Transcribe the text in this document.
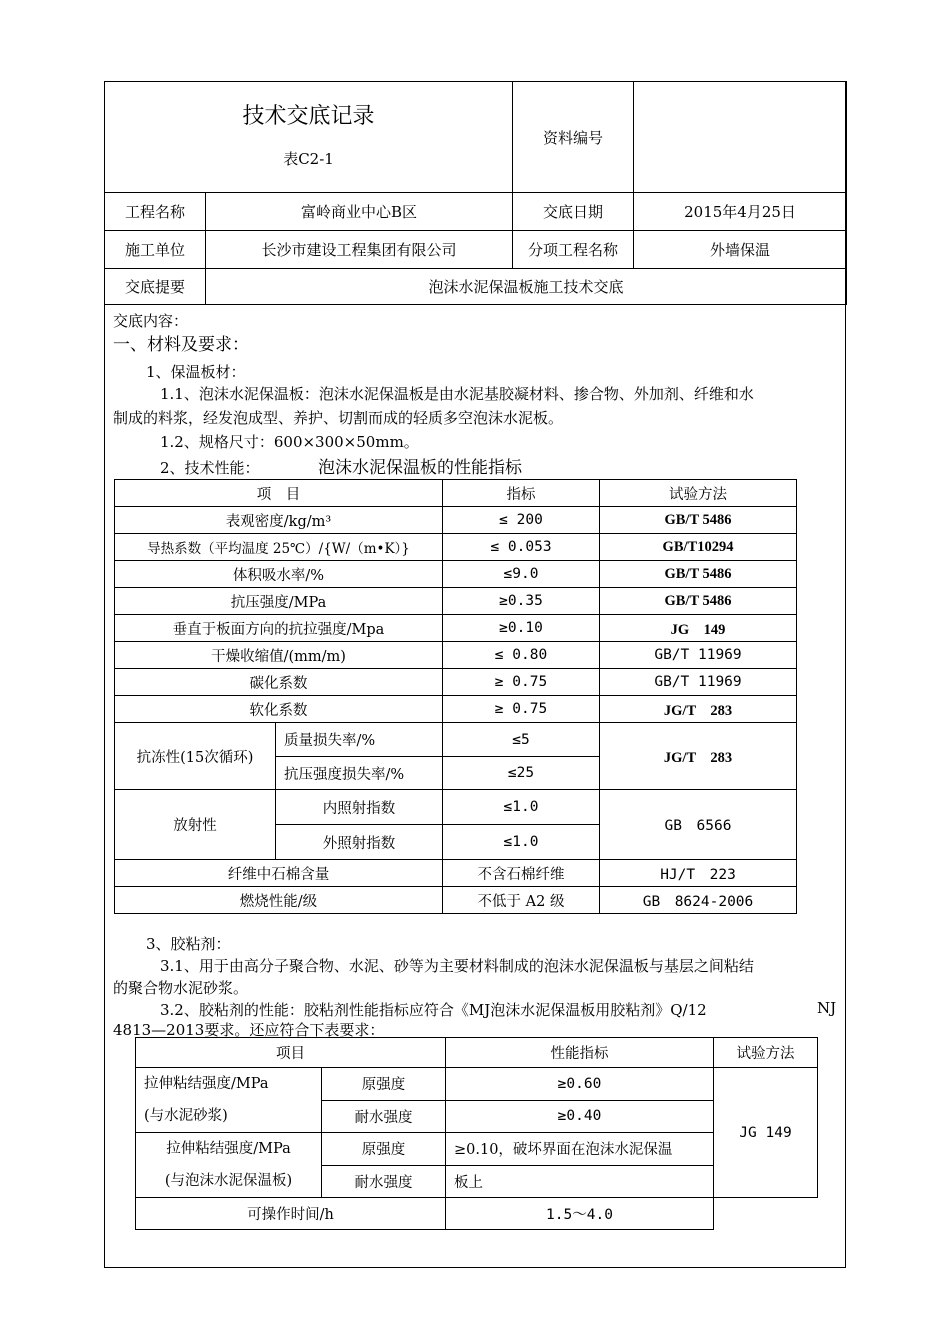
技术交底记录
表C2-1		资料编号	
工程名称	富岭商业中心B区	交底日期	2015年4月25日
施工单位	长沙市建设工程集团有限公司	分项工程名称	外墙保温
交底提要	泡沫水泥保温板施工技术交底		
交底内容：
一、材料及要求：
1、保温板材：
1.1、泡沫水泥保温板：泡沫水泥保温板是由水泥基胶凝材料、掺合物、外加剂、纤维和水
制成的料浆，经发泡成型、养护、切割而成的轻质多空泡沫水泥板。
1.2、规格尺寸：600×300×50mm。
2、技术性能：	泡沫水泥保温板的性能指标
3、胶粘剂：
3.1、用于由高分子聚合物、水泥、砂等为主要材料制成的泡沫水泥保温板与基层之间粘结
的聚合物水泥砂浆。
3.2、胶粘剂的性能：胶粘剂性能指标应符合《MJ泡沫水泥保温板用胶粘剂》Q/12	NJ
4813—2013要求。还应符合下表要求：
项　目		指标	试验方法
表观密度/kg/m³		≤ 200	GB/T 5486
导热系数（平均温度 25℃）/{W/（m•K）}		≤ 0.053	GB/T10294
体积吸水率/%		≤9.0	GB/T 5486
抗压强度/MPa		≥0.35	GB/T 5486
垂直于板面方向的抗拉强度/Mpa		≥0.10	JG　149
干燥收缩值/(mm/m)		≤ 0.80	GB/T 11969
碳化系数		≥ 0.75	GB/T 11969
软化系数		≥ 0.75	JG/T　283
抗冻性(15次循环)	质量损失率/%	≤5	JG/T　283
	抗压强度损失率/%	≤25	
放射性	内照射指数	≤1.0	GB　6566
	外照射指数	≤1.0	
纤维中石棉含量		不含石棉纤维	HJ/T　223
燃烧性能/级		不低于 A2 级	GB　8624-2006
项目		性能指标	试验方法

拉伸粘结强度/MPa
(与水泥砂浆)	原强度	≥0.60	JG 149
	耐水强度	≥0.40	

拉伸粘结强度/MPa
(与泡沫水泥保温板)	原强度	≥0.10，破坏界面在泡沫水泥保温	
	耐水强度	板上	
可操作时间/h		1.5～4.0	
